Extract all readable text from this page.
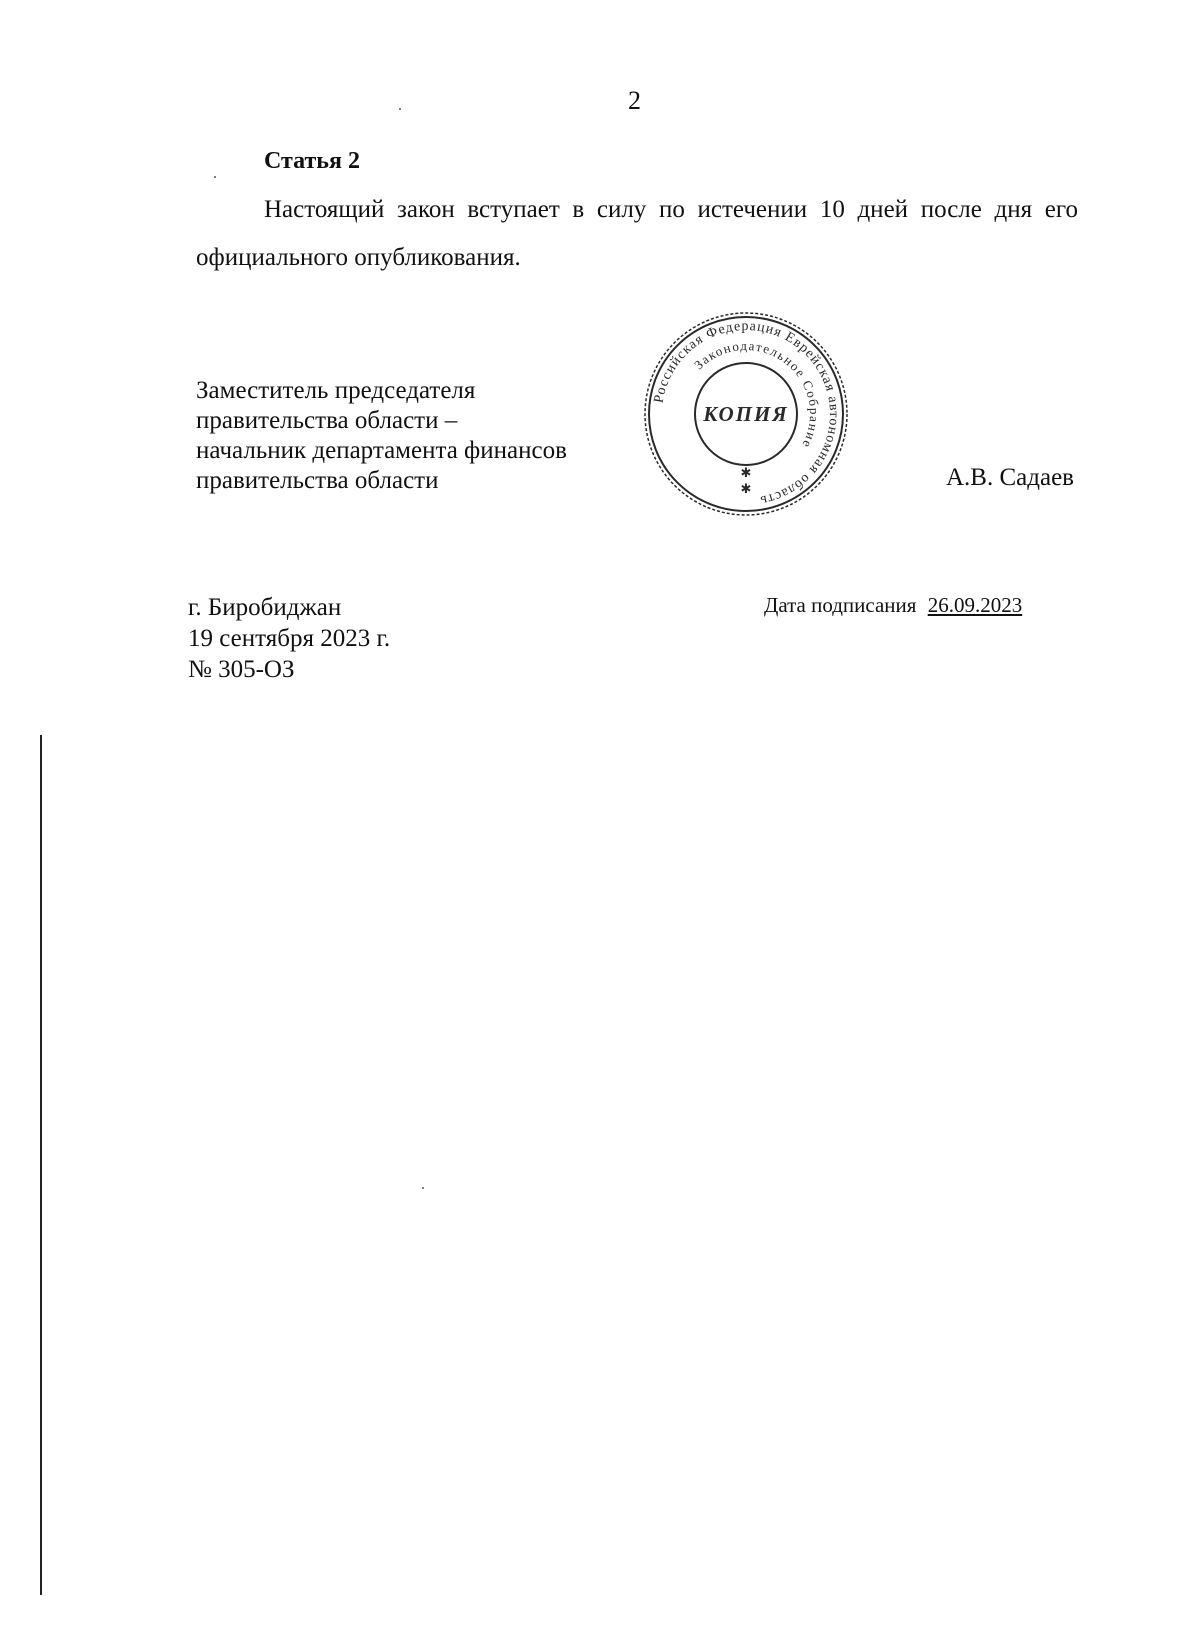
2
Статья 2
Настоящий закон вступает в силу по истечении 10 дней после дня его официального опубликования.
Заместитель председателя
правительства области –
начальник департамента финансов
правительства области
Российская Федерация Еврейская автономная область
Законодательное Собрание
КОПИЯ
✱
✱	А.В. Садаев
г. Биробиджан
19 сентября 2023 г.
№ 305-ОЗ
Дата подписания 26.09.2023
